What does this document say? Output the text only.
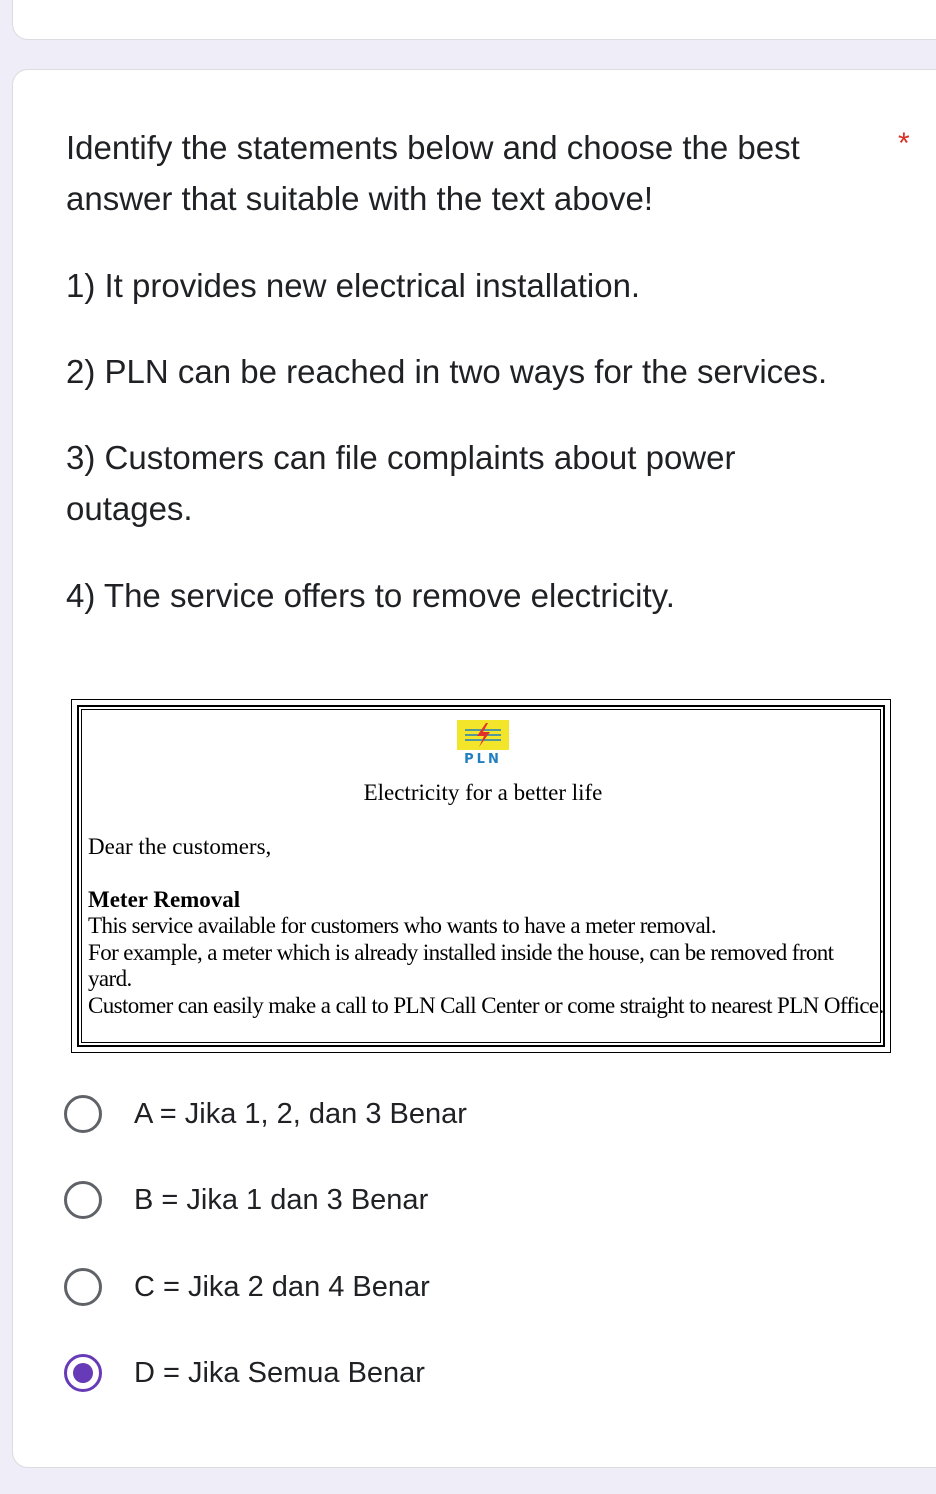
Identify the statements below and choose the best answer that suitable with the text above!

*

1) It provides new electrical installation.

2) PLN can be reached in two ways for the services.

3) Customers can file complaints about power outages.

4) The service offers to remove electricity.

PLN

Electricity for a better life

Dear the customers,

Meter Removal

This service available for customers who wants to have a meter removal.

For example, a meter which is already installed inside the house, can be removed front yard.

Customer can easily make a call to PLN Call Center or come straight to nearest PLN Office.

A = Jika 1, 2, dan 3 Benar
B = Jika 1 dan 3 Benar
C = Jika 2 dan 4 Benar
D = Jika Semua Benar
